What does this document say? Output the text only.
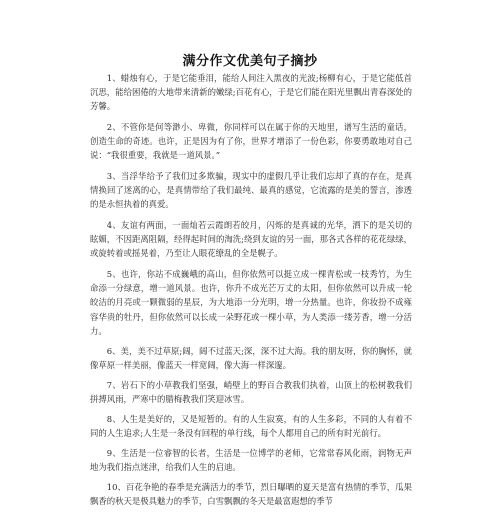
满分作文优美句子摘抄

1、蜡烛有心，于是它能垂泪，能给人间注入黑夜的光波;杨柳有心，于是它能低首沉思，能给困倦的大地带来清新的嫩绿;百花有心，于是它们能在阳光里飘出青春深处的芳馨。

2、不管你是何等渺小、卑微，你同样可以在属于你的天地里，谱写生活的童话，创造生命的奇迹。也许，正是因为有了你，世界才增添了一份色彩，你要勇敢地对自己说：“我很重要，我就是一道风景。”

3、当浮华给予了我们过多欺骗，现实中的虚假几乎让我们忘却了真的存在，是真情换回了迷离的心，是真情带给了我们最纯、最真的感觉，它流露的是美的誓言，渗透的是永恒执着的真爱。

4、友谊有两面，一面灿若云霞朗若皎月，闪烁的是真诚的光华，洒下的是关切的眩媚，不因距离阻隔，经得起时间的淘洗;绕到友谊的另一面，那各式各样的花花绿绿，或旋转着或摇晃着，乃至让人眼花缭乱的全是幌子。

5、也许，你站不成巍峨的高山，但你依然可以挺立成一棵青松或一枝秀竹，为生命添一分绿意，增一道风景。也许，你升不成光芒万丈的太阳，但你依然可以升成一轮皎洁的月亮或一颗微弱的星辰，为大地添一分光明，增一分热量。也许，你妆扮不成雍容华贵的牡丹，但你依然可以长成一朵野花或一棵小草，为人类添一缕芳香，增一分活力。

6、美，美不过草原;阔，阔不过蓝天;深，深不过大海。我的朋友呀，你的胸怀，就像草原一样美丽，像蓝天一样宽阔，像大海一样深邃。

7、岩石下的小草教我们坚强，峭壁上的野百合教我们执着，山顶上的松树教我们拼搏风雨，严寒中的腊梅教我们笑迎冰雪。

8、人生是美好的，又是短暂的。有的人生寂寞，有的人生多彩，不同的人有着不同的人生追求;人生是一条没有回程的单行线，每个人都用自己的所有时光前行。

9、生活是一位睿智的长者，生活是一位博学的老师，它常常春风化雨，润物无声地为我们指点迷津，给我们人生的启迪。

10、百花争艳的春季是充满活力的季节，烈日曝晒的夏天是富有热情的季节，瓜果飘香的秋天是极具魅力的季节，白雪飘飘的冬天是最富遐想的季节
